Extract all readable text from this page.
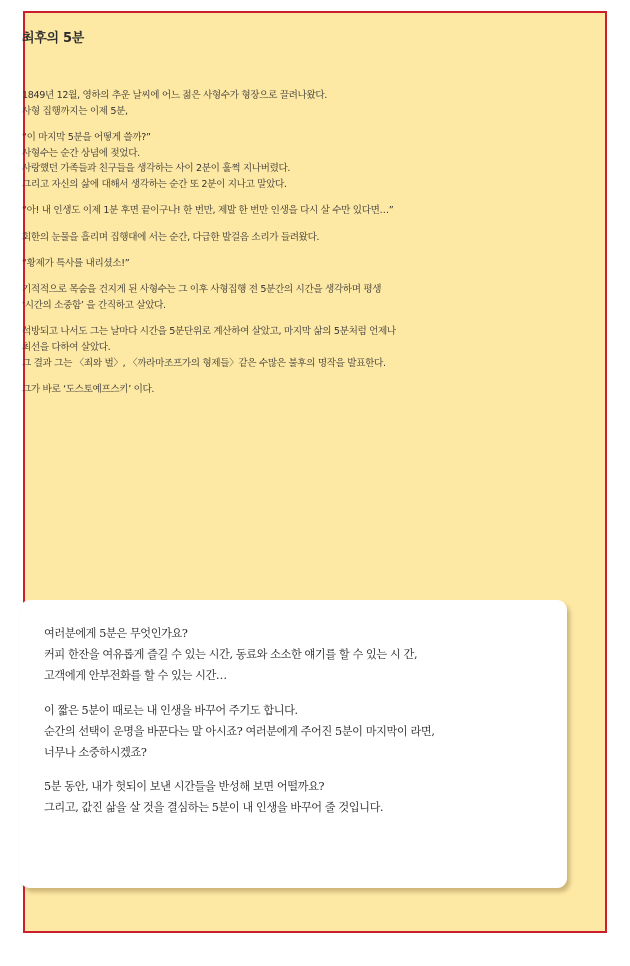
최후의 5분

1849년 12월, 영하의 추운 날씨에 어느 젊은 사형수가 형장으로 끌려나왔다.
사형 집행까지는 이제 5분,

“이 마지막 5분을 어떻게 쓸까?”
사형수는 순간 상념에 젖었다.
사랑했던 가족들과 친구들을 생각하는 사이 2분이 훌쩍 지나버렸다.
그리고 자신의 삶에 대해서 생각하는 순간 또 2분이 지나고 말았다.

“아! 내 인생도 이제 1분 후면 끝이구나! 한 번만, 제발 한 번만 인생을 다시 살 수만 있다면…”

회한의 눈물을 흘리며 집행대에 서는 순간, 다급한 발걸음 소리가 들려왔다.

“황제가 특사를 내리셨소!”

기적적으로 목숨을 건지게 된 사형수는 그 이후 사형집행 전 5분간의 시간을 생각하며 평생
‘시간의 소중함’ 을 간직하고 살았다.

석방되고 나서도 그는 날마다 시간을 5분단위로 계산하여 살았고, 마지막 삶의 5분처럼 언제나
최선을 다하여 살았다.
그 결과 그는 〈죄와 벌〉, 〈까라마조프가의 형제들〉같은 수많은 불후의 명작을 발표한다.

그가 바로 ‘도스토예프스키’ 이다.

여러분에게 5분은 무엇인가요?
커피 한잔을 여유롭게 즐길 수 있는 시간, 동료와 소소한 얘기를 할 수 있는 시 간,
고객에게 안부전화를 할 수 있는 시간…

이 짧은 5분이 때로는 내 인생을 바꾸어 주기도 합니다.
순간의 선택이 운명을 바꾼다는 말 아시죠? 여러분에게 주어진 5분이 마지막이 라면,
너무나 소중하시겠죠?

5분 동안, 내가 헛되이 보낸 시간들을 반성해 보면 어떨까요?
그리고, 값진 삶을 살 것을 결심하는 5분이 내 인생을 바꾸어 줄 것입니다.
